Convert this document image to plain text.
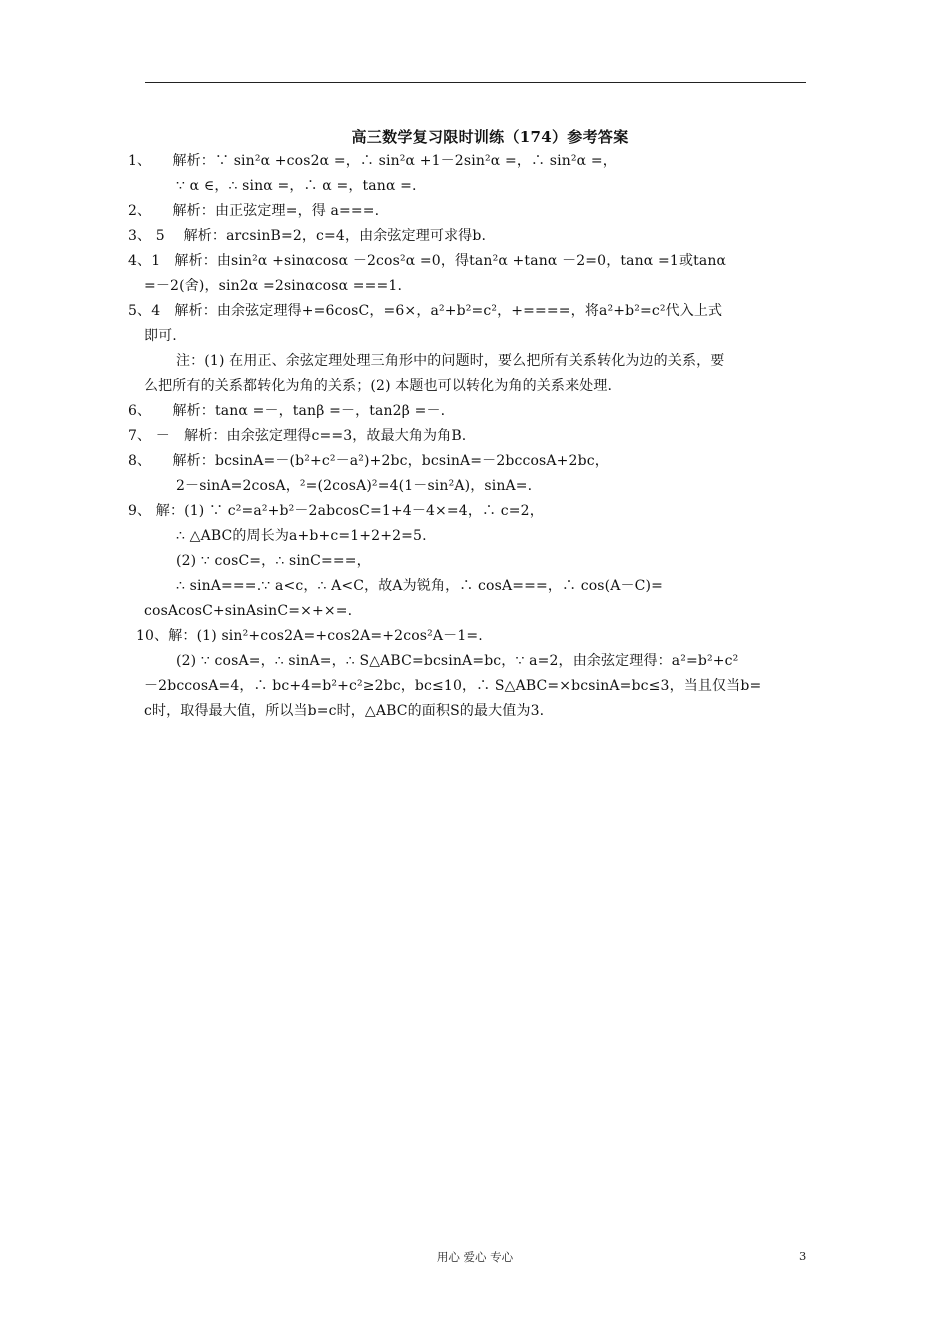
高三数学复习限时训练（174）参考答案
1、　　解析：∵ sin²α +cos2α =，∴ sin²α +1－2sin²α =，∴ sin²α =，
∵ α ∈，∴ sinα =，∴ α =，tanα =.
2、　　解析：由正弦定理=，得 a===.
3、 5 　解析：arcsinB=2，c=4，由余弦定理可求得b.
4、1　解析：由sin²α +sinαcosα －2cos²α =0，得tan²α +tanα －2=0，tanα =1或tanα
=－2(舍)，sin2α =2sinαcosα ===1.
5、4　解析：由余弦定理得+=6cosC，=6×，a²+b²=c²，+====，将a²+b²=c²代入上式
即可.
注：(1) 在用正、余弦定理处理三角形中的问题时，要么把所有关系转化为边的关系，要
么把所有的关系都转化为角的关系；(2) 本题也可以转化为角的关系来处理.
6、　　解析：tanα =－，tanβ =－，tan2β =－.
7、 －　解析：由余弦定理得c==3，故最大角为角B.
8、　　解析：bcsinA=－(b²+c²－a²)+2bc，bcsinA=－2bccosA+2bc，
2－sinA=2cosA，²=(2cosA)²=4(1－sin²A)，sinA=.
9、 解：(1) ∵ c²=a²+b²－2abcosC=1+4－4×=4，∴ c=2，
∴ △ABC的周长为a+b+c=1+2+2=5.
(2) ∵ cosC=，∴ sinC===，
∴ sinA===.∵ a<c，∴ A<C，故A为锐角，∴ cosA===，∴ cos(A－C)=
cosAcosC+sinAsinC=×+×=.
10、解：(1) sin²+cos2A=+cos2A=+2cos²A－1=.
(2) ∵ cosA=，∴ sinA=，∴ S△ABC=bcsinA=bc，∵ a=2，由余弦定理得：a²=b²+c²
－2bccosA=4，∴ bc+4=b²+c²≥2bc，bc≤10，∴ S△ABC=×bcsinA=bc≤3，当且仅当b=
c时，取得最大值，所以当b=c时，△ABC的面积S的最大值为3.
用心 爱心 专心	3
